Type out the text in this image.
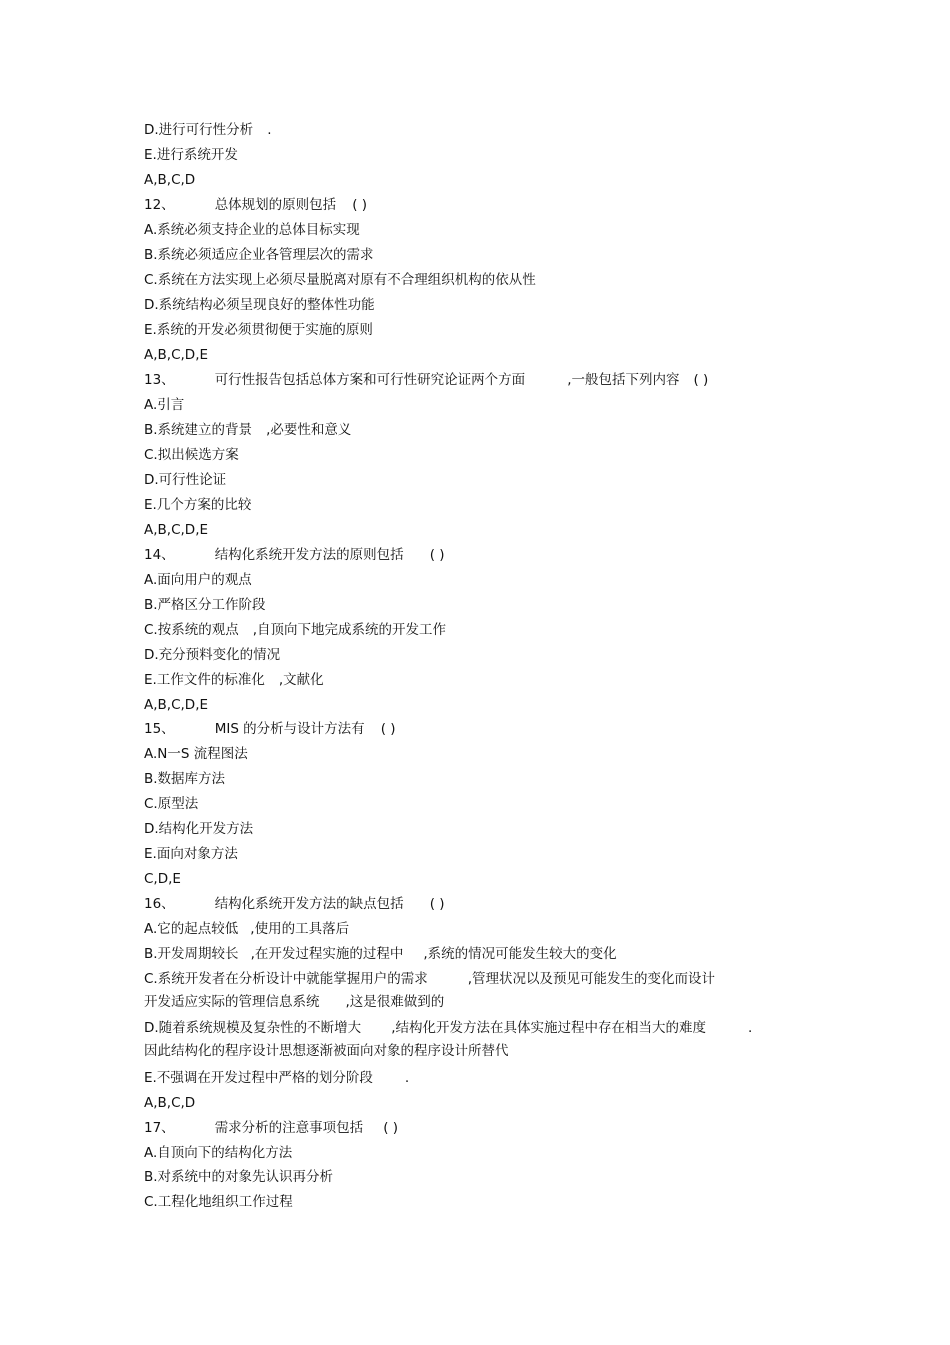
D.进行可行性分析 .
E.进行系统开发
A,B,C,D
12、	总体规划的原则包括 ( )
A.系统必须支持企业的总体目标实现
B.系统必须适应企业各管理层次的需求
C.系统在方法实现上必须尽量脱离对原有不合理组织机构的依从性
D.系统结构必须呈现良好的整体性功能
E.系统的开发必须贯彻便于实施的原则
A,B,C,D,E
13、	可行性报告包括总体方案和可行性研究论证两个方面	,一般包括下列内容 ( )
A.引言
B.系统建立的背景 ,必要性和意义
C.拟出候选方案
D.可行性论证
E.几个方案的比较
A,B,C,D,E
14、	结构化系统开发方法的原则包括 ( )
A.面向用户的观点
B.严格区分工作阶段
C.按系统的观点 ,自顶向下地完成系统的开发工作
D.充分预料变化的情况
E.工作文件的标准化 ,文献化
A,B,C,D,E
15、	MIS 的分析与设计方法有 ( )
A.N一S 流程图法
B.数据库方法
C.原型法
D.结构化开发方法
E.面向对象方法
C,D,E
16、	结构化系统开发方法的缺点包括 ( )
A.它的起点较低 ,使用的工具落后
B.开发周期较长 ,在开发过程实施的过程中 ,系统的情况可能发生较大的变化
C.系统开发者在分析设计中就能掌握用户的需求	,管理状况以及预见可能发生的变化而设计
开发适应实际的管理信息系统 ,这是很难做到的
D.随着系统规模及复杂性的不断增大 ,结构化开发方法在具体实施过程中存在相当大的难度	.
因此结构化的程序设计思想逐渐被面向对象的程序设计所替代
E.不强调在开发过程中严格的划分阶段 .
A,B,C,D
17、	需求分析的注意事项包括 ( )
A.自顶向下的结构化方法
B.对系统中的对象先认识再分析
C.工程化地组织工作过程
